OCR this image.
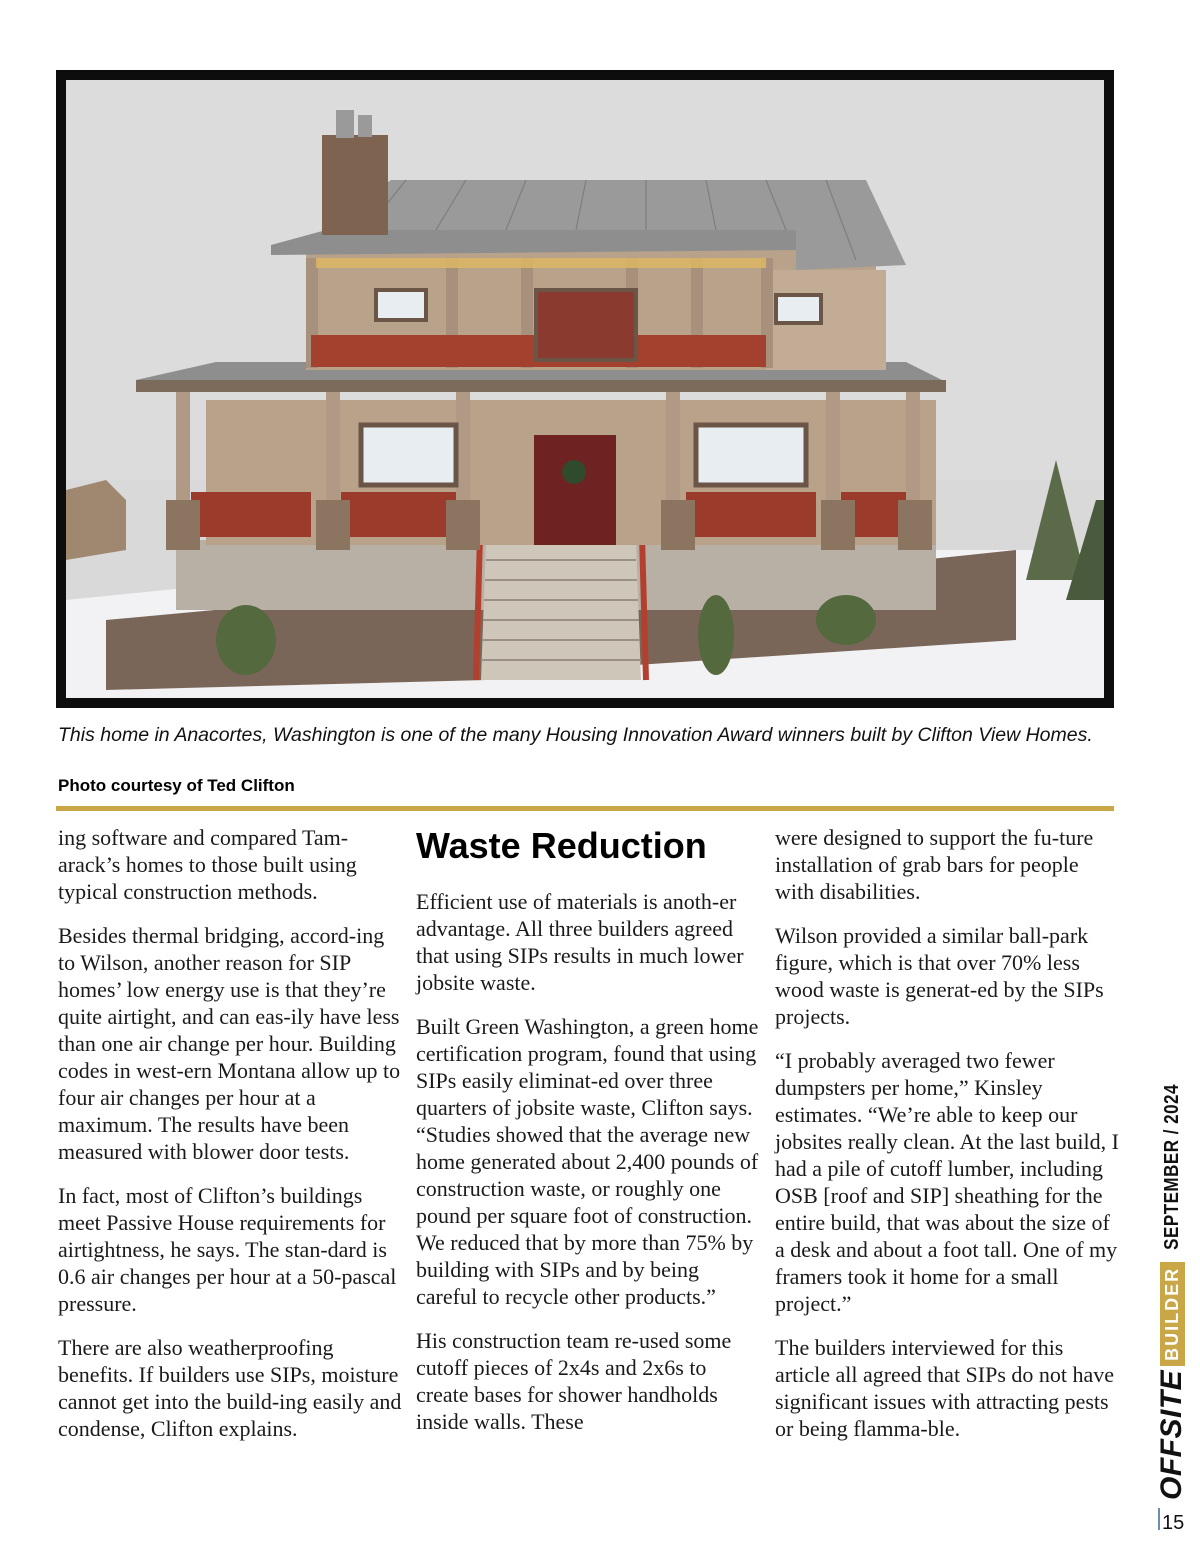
This home in Anacortes, Washington is one of the many Housing Innovation Award winners built by Clifton View Homes.
Photo courtesy of Ted Clifton

ing software and compared Tam-arack’s homes to those built using typical construction methods.

Besides thermal bridging, accord-ing to Wilson, another reason for SIP homes’ low energy use is that they’re quite airtight, and can eas-ily have less than one air change per hour. Building codes in west-ern Montana allow up to four air changes per hour at a maximum. The results have been measured with blower door tests.

In fact, most of Clifton’s buildings meet Passive House requirements for airtightness, he says. The stan-dard is 0.6 air changes per hour at a 50-pascal pressure.

There are also weatherproofing benefits. If builders use SIPs, moisture cannot get into the build-ing easily and condense, Clifton explains.

Waste Reduction

Efficient use of materials is anoth-er advantage. All three builders agreed that using SIPs results in much lower jobsite waste.

Built Green Washington, a green home certification program, found that using SIPs easily eliminat-ed over three quarters of jobsite waste, Clifton says. “Studies showed that the average new home generated about 2,400 pounds of construction waste, or roughly one pound per square foot of construction. We reduced that by more than 75% by building with SIPs and by being careful to recycle other products.”

His construction team re-used some cutoff pieces of 2x4s and 2x6s to create bases for shower handholds inside walls. These

were designed to support the fu-ture installation of grab bars for people with disabilities.

Wilson provided a similar ball-park figure, which is that over 70% less wood waste is generat-ed by the SIPs projects.

“I probably averaged two fewer dumpsters per home,” Kinsley estimates. “We’re able to keep our jobsites really clean. At the last build, I had a pile of cutoff lumber, including OSB [roof and SIP] sheathing for the entire build, that was about the size of a desk and about a foot tall. One of my framers took it home for a small project.”

The builders interviewed for this article all agreed that SIPs do not have significant issues with attracting pests or being flamma-ble.	OFFSITE
BUILDER
SEPTEMBER / 2024
15
